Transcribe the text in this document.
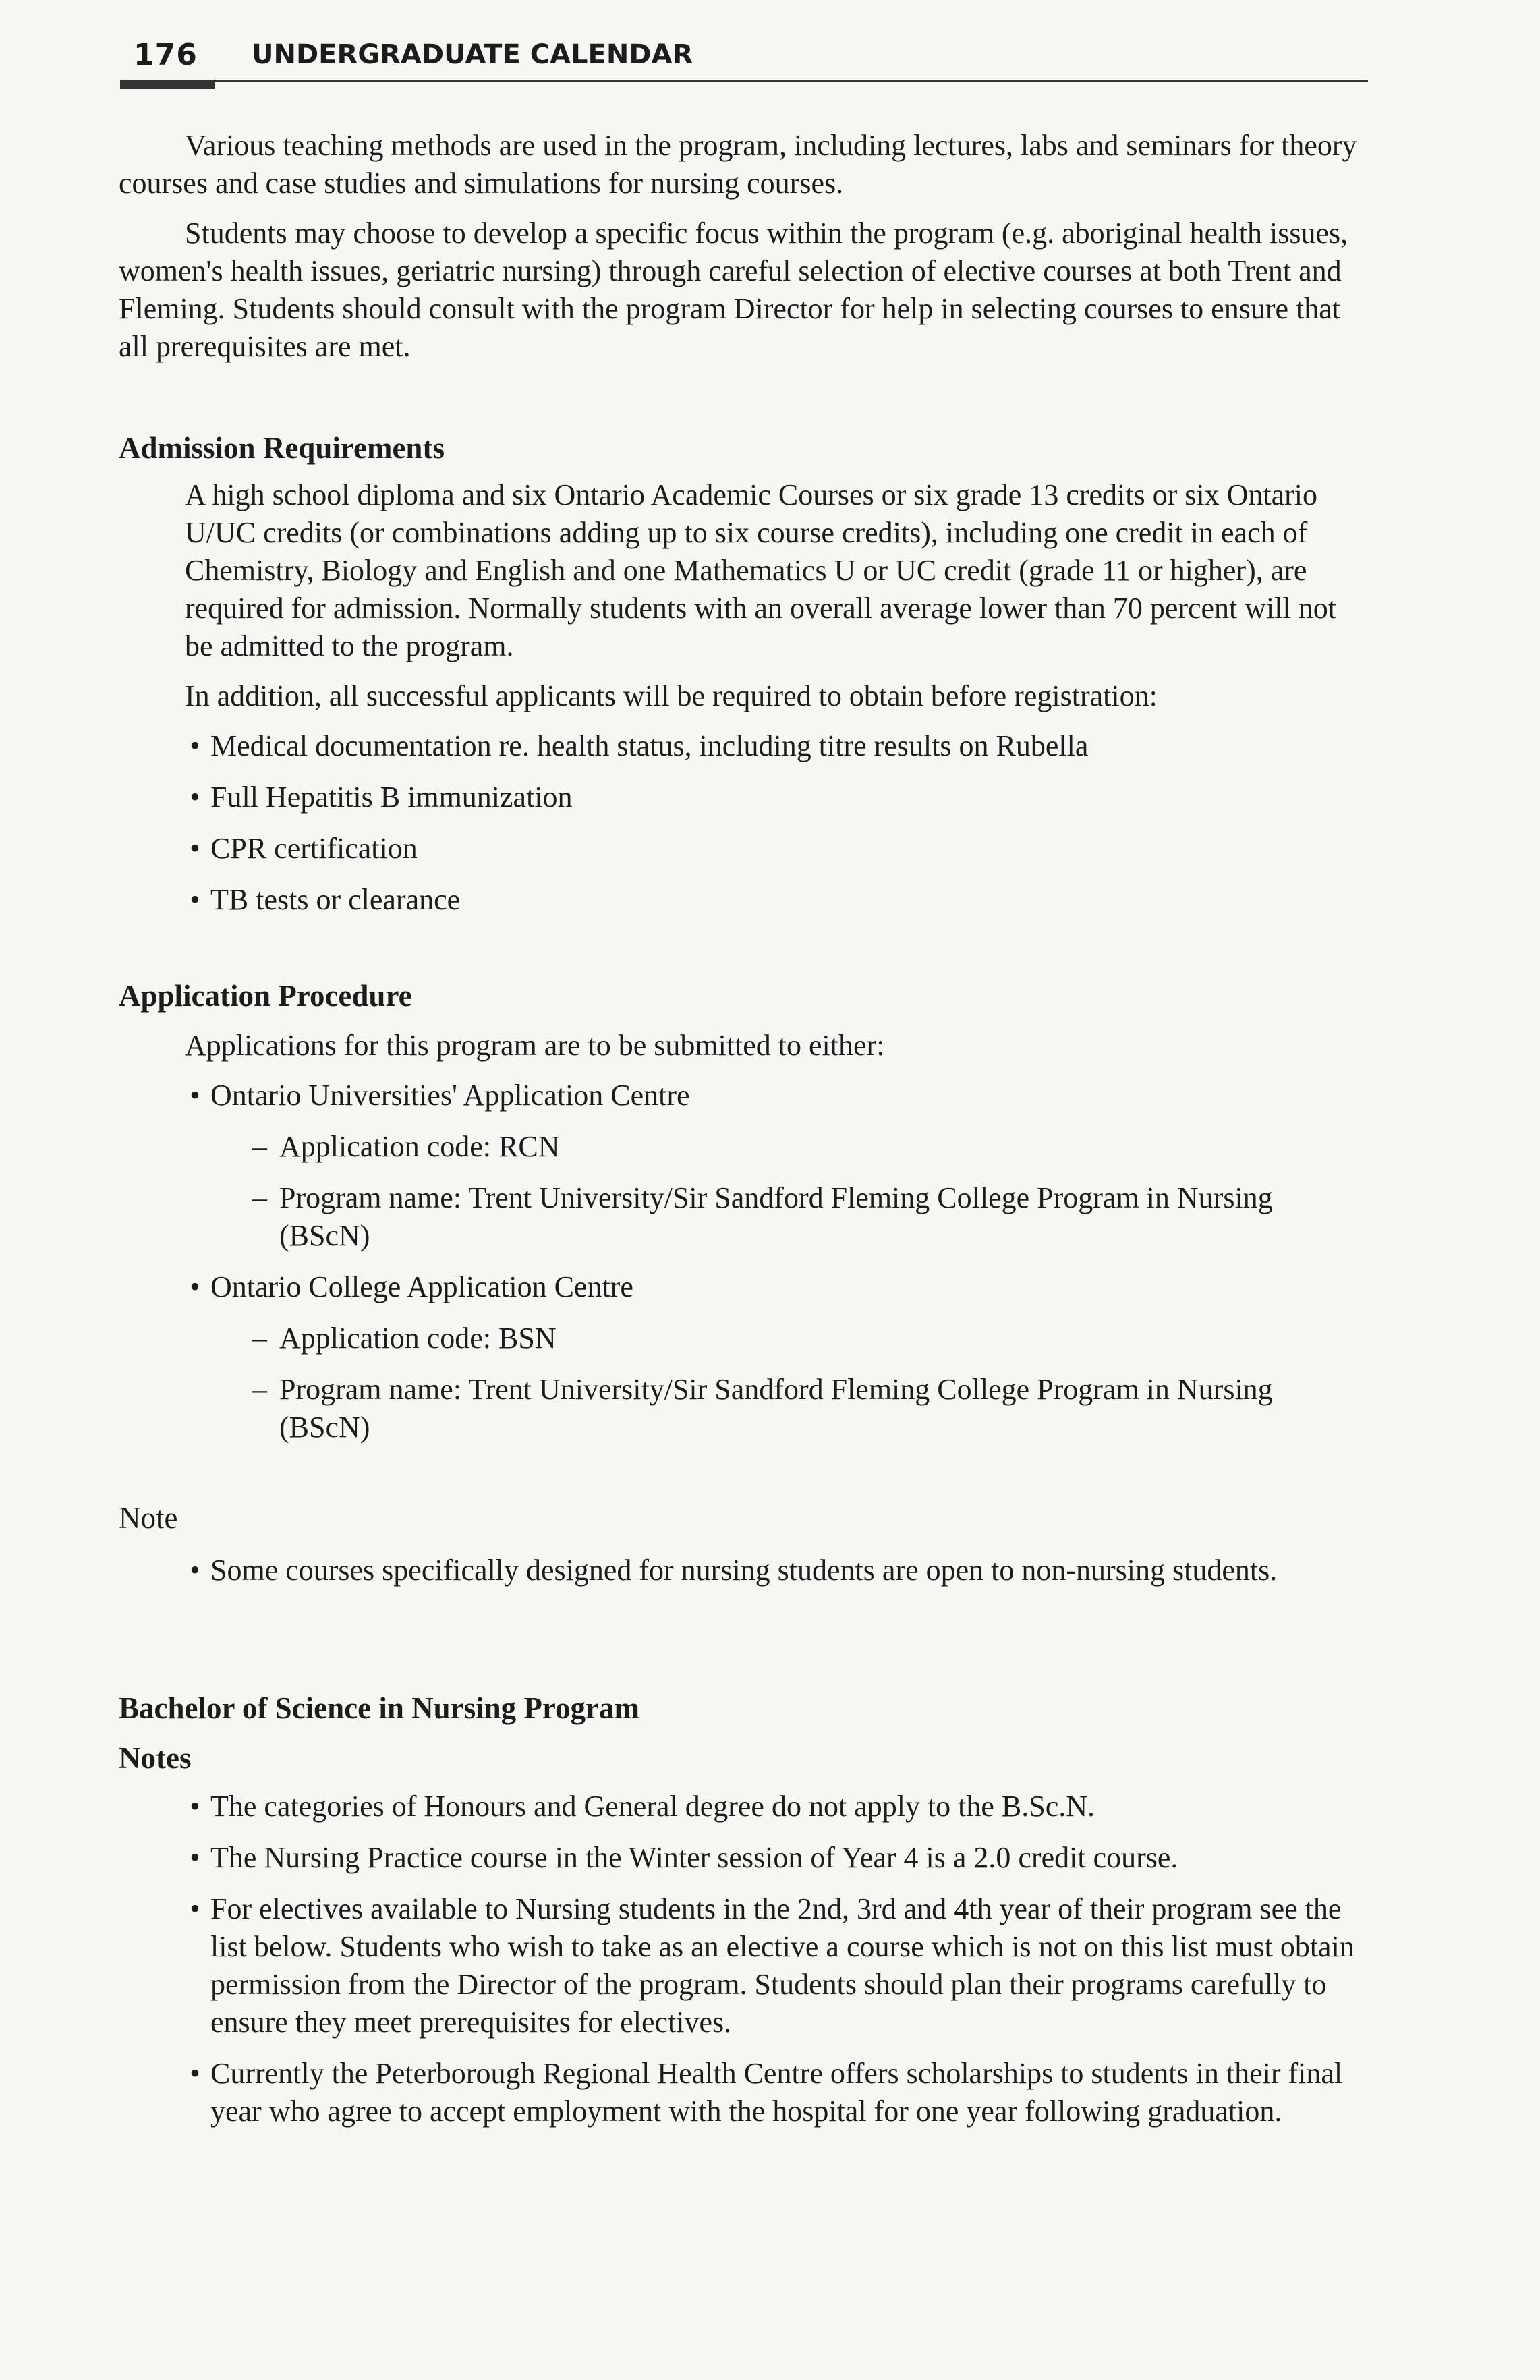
176 UNDERGRADUATE CALENDAR

Various teaching methods are used in the program, including lectures, labs and seminars for theory courses and case studies and simulations for nursing courses.

Students may choose to develop a specific focus within the program (e.g. aboriginal health issues, women's health issues, geriatric nursing) through careful selection of elective courses at both Trent and Fleming. Students should consult with the program Director for help in selecting courses to ensure that all prerequisites are met.

Admission Requirements

A high school diploma and six Ontario Academic Courses or six grade 13 credits or six Ontario U/UC credits (or combinations adding up to six course credits), including one credit in each of Chemistry, Biology and English and one Mathematics U or UC credit (grade 11 or higher), are required for admission. Normally students with an overall average lower than 70 percent will not be admitted to the program.

In addition, all successful applicants will be required to obtain before registration:

• Medical documentation re. health status, including titre results on Rubella
• Full Hepatitis B immunization
• CPR certification
• TB tests or clearance

Application Procedure

Applications for this program are to be submitted to either:

• Ontario Universities' Application Centre
– Application code: RCN
– Program name: Trent University/Sir Sandford Fleming College Program in Nursing (BScN)
• Ontario College Application Centre
– Application code: BSN
– Program name: Trent University/Sir Sandford Fleming College Program in Nursing (BScN)

Note

• Some courses specifically designed for nursing students are open to non-nursing students.

Bachelor of Science in Nursing Program

Notes

• The categories of Honours and General degree do not apply to the B.Sc.N.
• The Nursing Practice course in the Winter session of Year 4 is a 2.0 credit course.
• For electives available to Nursing students in the 2nd, 3rd and 4th year of their program see the list below. Students who wish to take as an elective a course which is not on this list must obtain permission from the Director of the program. Students should plan their programs carefully to ensure they meet prerequisites for electives.
• Currently the Peterborough Regional Health Centre offers scholarships to students in their final year who agree to accept employment with the hospital for one year following graduation.
